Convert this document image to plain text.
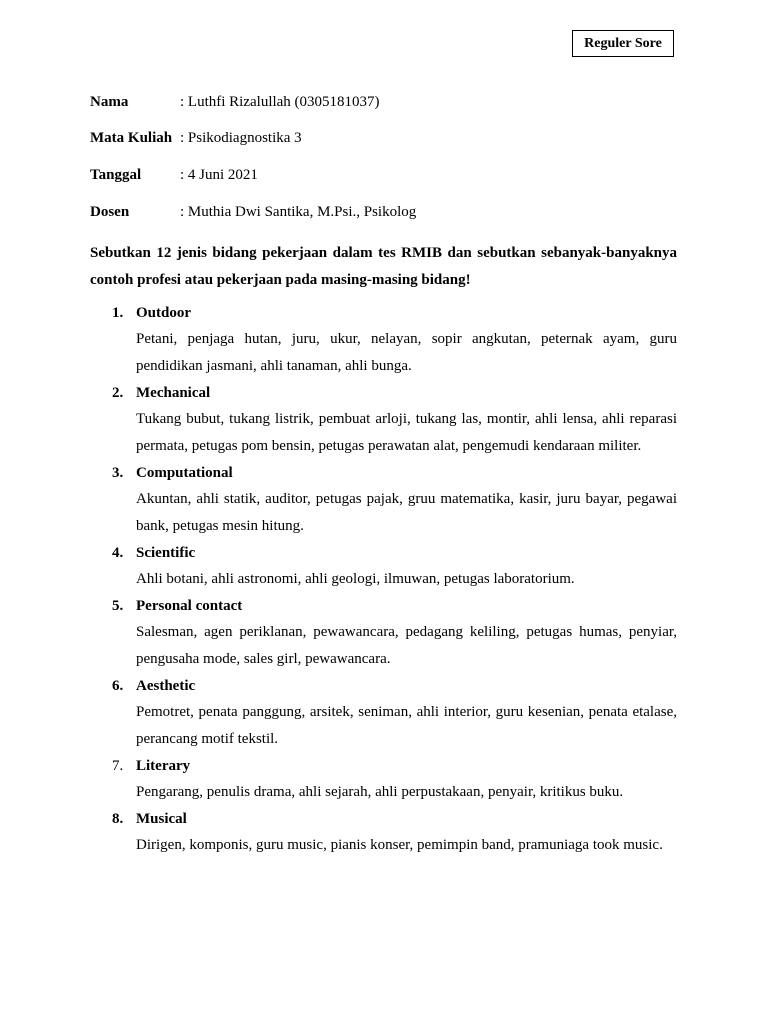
Reguler Sore
Nama	: Luthfi Rizalullah (0305181037)
Mata Kuliah : Psikodiagnostika 3
Tanggal	: 4 Juni 2021
Dosen	: Muthia Dwi Santika, M.Psi., Psikolog
Sebutkan 12 jenis bidang pekerjaan dalam tes RMIB dan sebutkan sebanyak-banyaknya contoh profesi atau pekerjaan pada masing-masing bidang!
1. Outdoor
Petani, penjaga hutan, juru, ukur, nelayan, sopir angkutan, peternak ayam, guru pendidikan jasmani, ahli tanaman, ahli bunga.
2. Mechanical
Tukang bubut, tukang listrik, pembuat arloji, tukang las, montir, ahli lensa, ahli reparasi permata, petugas pom bensin, petugas perawatan alat, pengemudi kendaraan militer.
3. Computational
Akuntan, ahli statik, auditor, petugas pajak, gruu matematika, kasir, juru bayar, pegawai bank, petugas mesin hitung.
4. Scientific
Ahli botani, ahli astronomi, ahli geologi, ilmuwan, petugas laboratorium.
5. Personal contact
Salesman, agen periklanan, pewawancara, pedagang keliling, petugas humas, penyiar, pengusaha mode, sales girl, pewawancara.
6. Aesthetic
Pemotret, penata panggung, arsitek, seniman, ahli interior, guru kesenian, penata etalase, perancang motif tekstil.
7. Literary
Pengarang, penulis drama, ahli sejarah, ahli perpustakaan, penyair, kritikus buku.
8. Musical
Dirigen, komponis, guru music, pianis konser, pemimpin band, pramuniaga took music.
